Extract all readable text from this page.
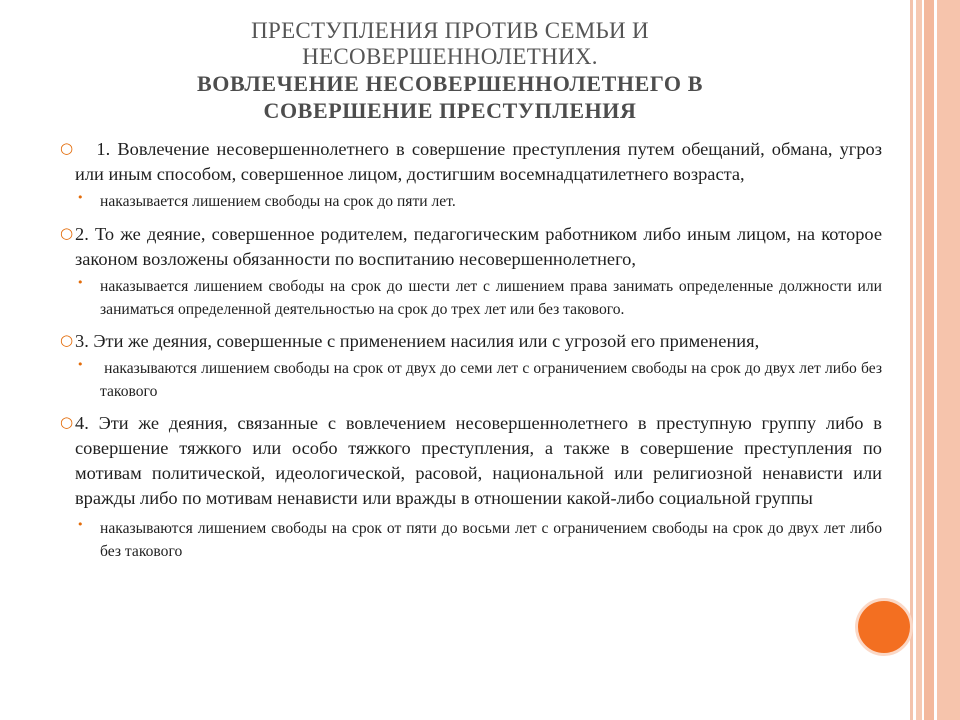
ПРЕСТУПЛЕНИЯ ПРОТИВ СЕМЬИ И
НЕСОВЕРШЕННОЛЕТНИХ.
ВОВЛЕЧЕНИЕ НЕСОВЕРШЕННОЛЕТНЕГО В
СОВЕРШЕНИЕ ПРЕСТУПЛЕНИЯ
○ 1. Вовлечение несовершеннолетнего в совершение преступления путем обещаний, обмана, угроз или иным способом, совершенное лицом, достигшим восемнадцатилетнего возраста,
• наказывается лишением свободы на срок до пяти лет.
○ 2. То же деяние, совершенное родителем, педагогическим работником либо иным лицом, на которое законом возложены обязанности по воспитанию несовершеннолетнего,
• наказывается лишением свободы на срок до шести лет с лишением права занимать определенные должности или заниматься определенной деятельностью на срок до трех лет или без такового.
○ 3. Эти же деяния, совершенные с применением насилия или с угрозой его применения,
• наказываются лишением свободы на срок от двух до семи лет с ограничением свободы на срок до двух лет либо без такового
○ 4. Эти же деяния, связанные с вовлечением несовершеннолетнего в преступную группу либо в совершение тяжкого или особо тяжкого преступления, а также в совершение преступления по мотивам политической, идеологической, расовой, национальной или религиозной ненависти или вражды либо по мотивам ненависти или вражды в отношении какой-либо социальной группы
• наказываются лишением свободы на срок от пяти до восьми лет с ограничением свободы на срок до двух лет либо без такового
